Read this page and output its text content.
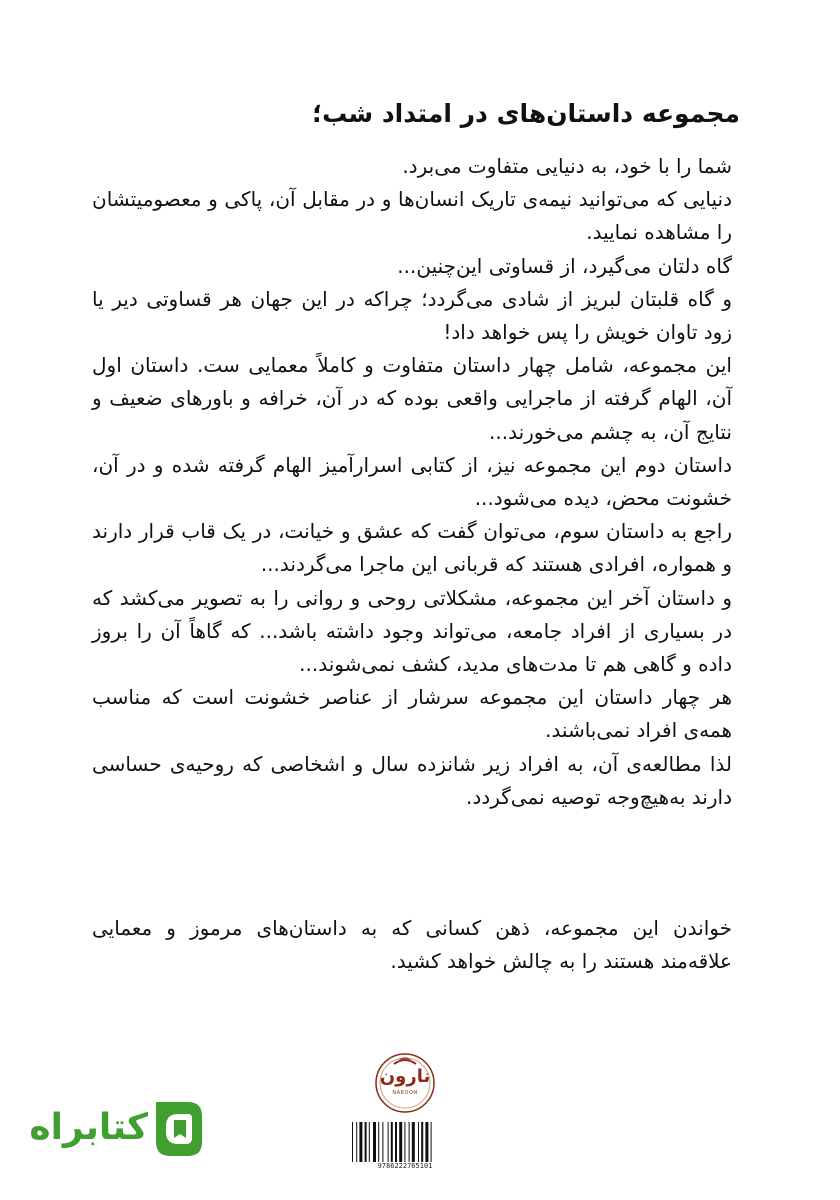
مجموعه داستان‌های در امتداد شب؛

شما را با خود، به دنیایی متفاوت می‌برد.

دنیایی که می‌توانید نیمه‌ی تاریک انسان‌ها و در مقابل آن، پاکی و معصومیتشان را مشاهده نمایید.

گاه دلتان می‌گیرد، از قساوتی این‌چنین...

و گاه قلبتان لبریز از شادی می‌گردد؛ چراکه در این جهان هر قساوتی دیر یا زود تاوان خویش را پس خواهد داد!

این مجموعه، شامل چهار داستان متفاوت و کاملاً معمایی ست. داستان اول آن، الهام گرفته از ماجرایی واقعی بوده که در آن، خرافه و باورهای ضعیف و نتایج آن، به چشم می‌خورند...

داستان دوم این مجموعه نیز، از کتابی اسرارآمیز الهام گرفته شده و در آن، خشونت محض، دیده می‌شود...

راجع به داستان سوم، می‌توان گفت که عشق و خیانت، در یک قاب قرار دارند و همواره، افرادی هستند که قربانی این ماجرا می‌گردند...

و داستان آخر این مجموعه، مشکلاتی روحی و روانی را به تصویر می‌کشد که در بسیاری از افراد جامعه، می‌تواند وجود داشته باشد... که گاهاً آن را بروز داده و گاهی هم تا مدت‌های مدید، کشف نمی‌شوند...

هر چهار داستان این مجموعه سرشار از عناصر خشونت است که مناسب همه‌ی افراد نمی‌باشند.

لذا مطالعه‌ی آن، به افراد زیر شانزده سال و اشخاصی که روحیه‌ی حساسی دارند به‌هیچ‌وجه توصیه نمی‌گردد.

خواندن این مجموعه، ذهن کسانی که به داستان‌های مرموز و معمایی علاقه‌مند هستند را به چالش خواهد کشید.

نارون
NAROON
9786222765101
کتابراه
